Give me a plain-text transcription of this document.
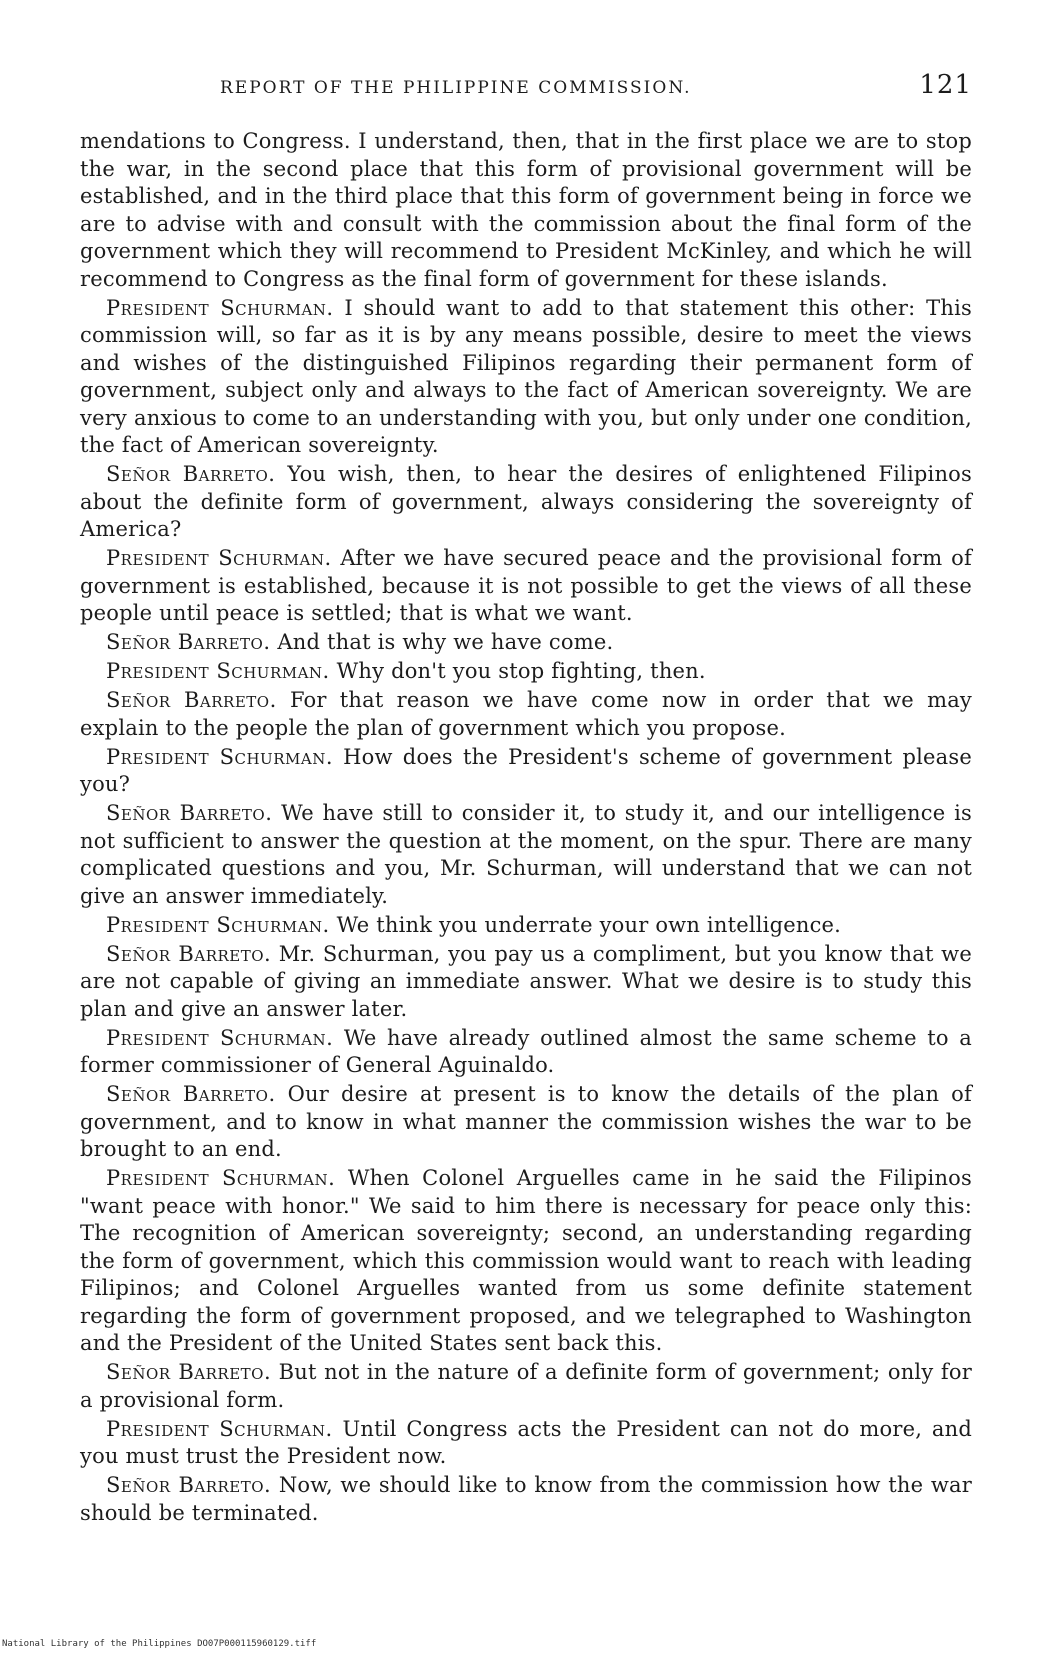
REPORT OF THE PHILIPPINE COMMISSION.	121

mendations to Congress. I understand, then, that in the first place we are to stop the war, in the second place that this form of provisional government will be established, and in the third place that this form of government being in force we are to advise with and consult with the commission about the final form of the government which they will recommend to President McKinley, and which he will recommend to Congress as the final form of government for these islands.

President Schurman. I should want to add to that statement this other: This commission will, so far as it is by any means possible, desire to meet the views and wishes of the distinguished Filipinos regarding their permanent form of government, subject only and always to the fact of American sovereignty. We are very anxious to come to an understanding with you, but only under one condition, the fact of American sovereignty.

Señor Barreto. You wish, then, to hear the desires of enlightened Filipinos about the definite form of government, always considering the sovereignty of America?

President Schurman. After we have secured peace and the provisional form of government is established, because it is not possible to get the views of all these people until peace is settled; that is what we want.

Señor Barreto. And that is why we have come.

President Schurman. Why don't you stop fighting, then.

Señor Barreto. For that reason we have come now in order that we may explain to the people the plan of government which you propose.

President Schurman. How does the President's scheme of government please you?

Señor Barreto. We have still to consider it, to study it, and our intelligence is not sufficient to answer the question at the moment, on the spur. There are many complicated questions and you, Mr. Schurman, will understand that we can not give an answer immediately.

President Schurman. We think you underrate your own intelligence.

Señor Barreto. Mr. Schurman, you pay us a compliment, but you know that we are not capable of giving an immediate answer. What we desire is to study this plan and give an answer later.

President Schurman. We have already outlined almost the same scheme to a former commissioner of General Aguinaldo.

Señor Barreto. Our desire at present is to know the details of the plan of government, and to know in what manner the commission wishes the war to be brought to an end.

President Schurman. When Colonel Arguelles came in he said the Filipinos "want peace with honor." We said to him there is necessary for peace only this: The recognition of American sovereignty; second, an understanding regarding the form of government, which this commission would want to reach with leading Filipinos; and Colonel Arguelles wanted from us some definite statement regarding the form of government proposed, and we telegraphed to Washington and the President of the United States sent back this.

Señor Barreto. But not in the nature of a definite form of government; only for a provisional form.

President Schurman. Until Congress acts the President can not do more, and you must trust the President now.

Señor Barreto. Now, we should like to know from the commission how the war should be terminated.

National Library of the Philippines DO07P000115960129.tiff
